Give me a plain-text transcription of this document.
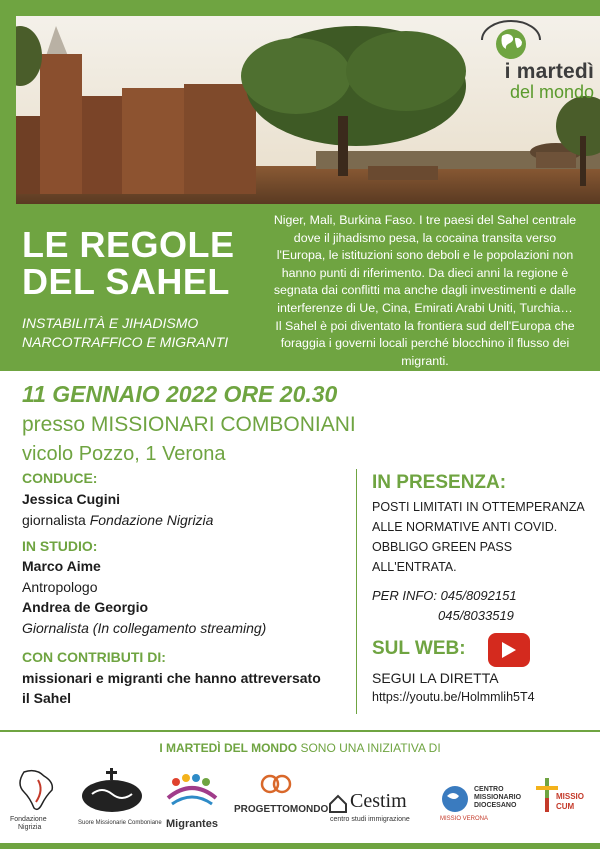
i martedì
del mondo
LE REGOLE
DEL SAHEL
INSTABILITÀ E JIHADISMO
NARCOTRAFFICO E MIGRANTI
Niger, Mali, Burkina Faso. I tre paesi del Sahel centrale
dove il jihadismo pesa, la cocaina transita verso
l'Europa, le istituzioni sono deboli e le popolazioni non
hanno punti di riferimento. Da dieci anni la regione è
segnata dai conflitti ma anche dagli investimenti e dalle
interferenze di Ue, Cina, Emirati Arabi Uniti, Turchia…
Il Sahel è poi diventato la frontiera sud dell'Europa che
foraggia i governi locali perché blocchino il flusso dei
migranti.
11 GENNAIO 2022 ORE 20.30
presso MISSIONARI COMBONIANI
vicolo Pozzo, 1 Verona
CONDUCE:
Jessica Cugini
giornalista Fondazione Nigrizia
IN STUDIO:
Marco Aime
Antropologo
Andrea de Georgio
Giornalista (In collegamento streaming)
CON CONTRIBUTI DI:
missionari e migranti che hanno attreversato
il Sahel
IN PRESENZA:
POSTI LIMITATI IN OTTEMPERANZA
ALLE NORMATIVE ANTI COVID.
OBBLIGO GREEN PASS
ALL'ENTRATA.
PER INFO: 045/8092151
045/8033519
SUL WEB:
SEGUI LA DIRETTA
https://youtu.be/Holmmlih5T4
I MARTEDÌ DEL MONDO SONO UNA INIZIATIVA DI
Fondazione
Nigrizia
Suore Missionarie Comboniane Migrantes
PROGETTOMONDO Cestim
centro studi immigrazione
CENTRO
MISSIONARIO
DIOCESANO
MISSIO VERONA
MISSIO
CUM
